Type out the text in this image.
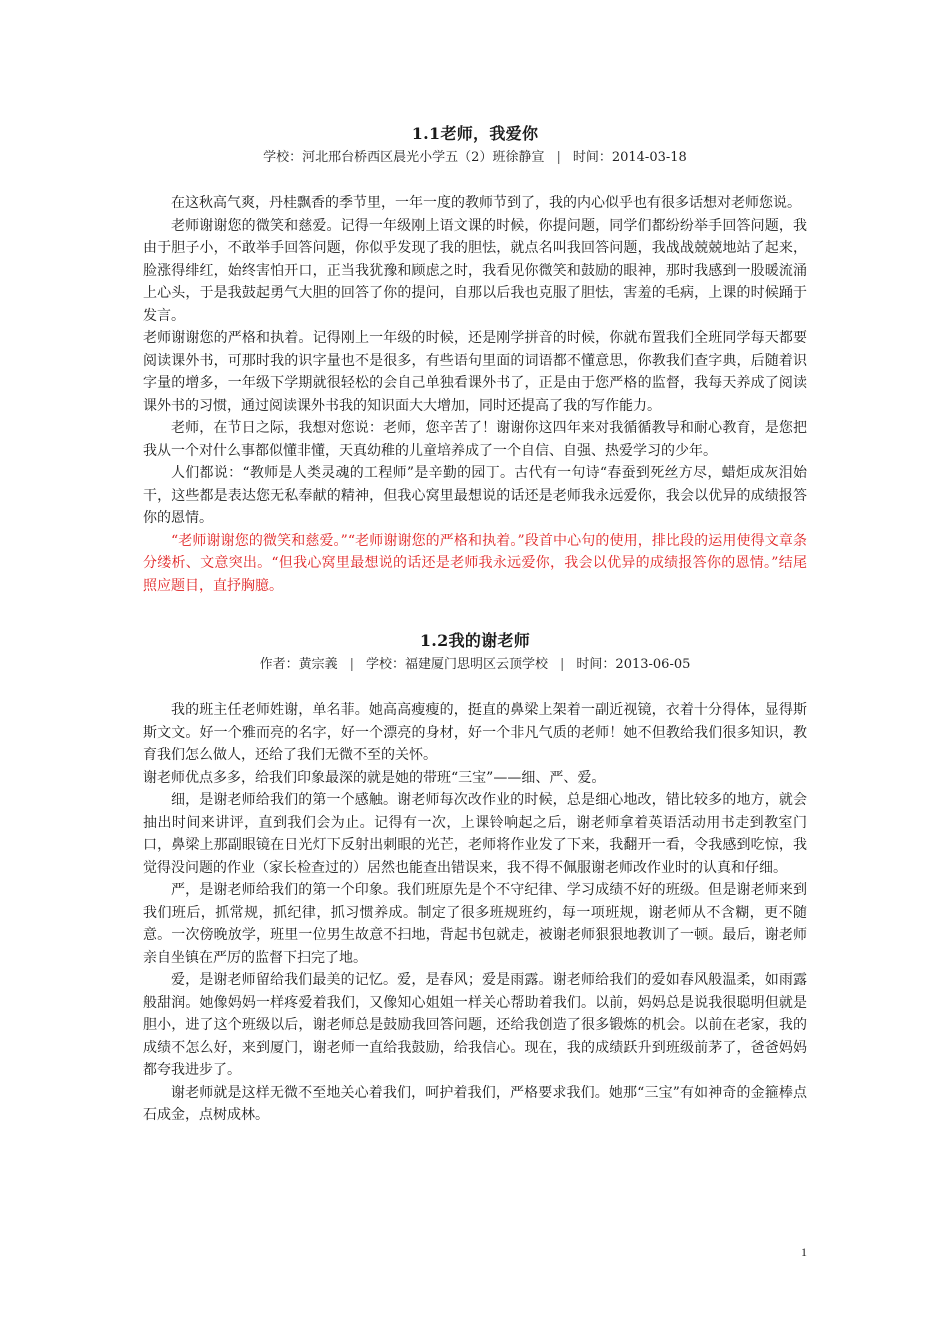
1.1老师，我爱你
学校：河北邢台桥西区晨光小学五（2）班徐静宣 | 时间：2014-03-18

在这秋高气爽，丹桂飘香的季节里，一年一度的教师节到了，我的内心似乎也有很多话想对老师您说。

老师谢谢您的微笑和慈爱。记得一年级刚上语文课的时候，你提问题，同学们都纷纷举手回答问题，我由于胆子小，不敢举手回答问题，你似乎发现了我的胆怯，就点名叫我回答问题，我战战兢兢地站了起来，脸涨得绯红，始终害怕开口，正当我犹豫和顾虑之时，我看见你微笑和鼓励的眼神，那时我感到一股暖流涌上心头，于是我鼓起勇气大胆的回答了你的提问，自那以后我也克服了胆怯，害羞的毛病，上课的时候踊于发言。

老师谢谢您的严格和执着。记得刚上一年级的时候，还是刚学拼音的时候，你就布置我们全班同学每天都要阅读课外书，可那时我的识字量也不是很多，有些语句里面的词语都不懂意思，你教我们查字典，后随着识字量的增多，一年级下学期就很轻松的会自己单独看课外书了，正是由于您严格的监督，我每天养成了阅读课外书的习惯，通过阅读课外书我的知识面大大增加，同时还提高了我的写作能力。

老师，在节日之际，我想对您说：老师，您辛苦了！谢谢你这四年来对我循循教导和耐心教育，是您把我从一个对什么事都似懂非懂，天真幼稚的儿童培养成了一个自信、自强、热爱学习的少年。

人们都说：“教师是人类灵魂的工程师”是辛勤的园丁。古代有一句诗“春蚕到死丝方尽，蜡炬成灰泪始干，这些都是表达您无私奉献的精神，但我心窝里最想说的话还是老师我永远爱你，我会以优异的成绩报答你的恩情。

“老师谢谢您的微笑和慈爱。”“老师谢谢您的严格和执着。”段首中心句的使用，排比段的运用使得文章条分缕析、文意突出。“但我心窝里最想说的话还是老师我永远爱你，我会以优异的成绩报答你的恩情。”结尾照应题目，直抒胸臆。

1.2我的谢老师
作者：黄宗義 | 学校：福建厦门思明区云顶学校 | 时间：2013-06-05

我的班主任老师姓谢，单名菲。她高高瘦瘦的，挺直的鼻梁上架着一副近视镜，衣着十分得体，显得斯斯文文。好一个雅而亮的名字，好一个漂亮的身材，好一个非凡气质的老师！她不但教给我们很多知识，教育我们怎么做人，还给了我们无微不至的关怀。

谢老师优点多多，给我们印象最深的就是她的带班“三宝”——细、严、爱。

细，是谢老师给我们的第一个感触。谢老师每次改作业的时候，总是细心地改，错比较多的地方，就会抽出时间来讲评，直到我们会为止。记得有一次，上课铃响起之后，谢老师拿着英语活动用书走到教室门口，鼻梁上那副眼镜在日光灯下反射出刺眼的光芒，老师将作业发了下来，我翻开一看，令我感到吃惊，我觉得没问题的作业（家长检查过的）居然也能查出错误来，我不得不佩服谢老师改作业时的认真和仔细。

严，是谢老师给我们的第一个印象。我们班原先是个不守纪律、学习成绩不好的班级。但是谢老师来到我们班后，抓常规，抓纪律，抓习惯养成。制定了很多班规班约，每一项班规，谢老师从不含糊，更不随意。一次傍晚放学，班里一位男生故意不扫地，背起书包就走，被谢老师狠狠地教训了一顿。最后，谢老师亲自坐镇在严厉的监督下扫完了地。

爱，是谢老师留给我们最美的记忆。爱，是春风；爱是雨露。谢老师给我们的爱如春风般温柔，如雨露般甜润。她像妈妈一样疼爱着我们，又像知心姐姐一样关心帮助着我们。以前，妈妈总是说我很聪明但就是胆小，进了这个班级以后，谢老师总是鼓励我回答问题，还给我创造了很多锻炼的机会。以前在老家，我的成绩不怎么好，来到厦门，谢老师一直给我鼓励，给我信心。现在，我的成绩跃升到班级前茅了，爸爸妈妈都夸我进步了。

谢老师就是这样无微不至地关心着我们，呵护着我们，严格要求我们。她那“三宝”有如神奇的金箍棒点石成金，点树成林。

1
